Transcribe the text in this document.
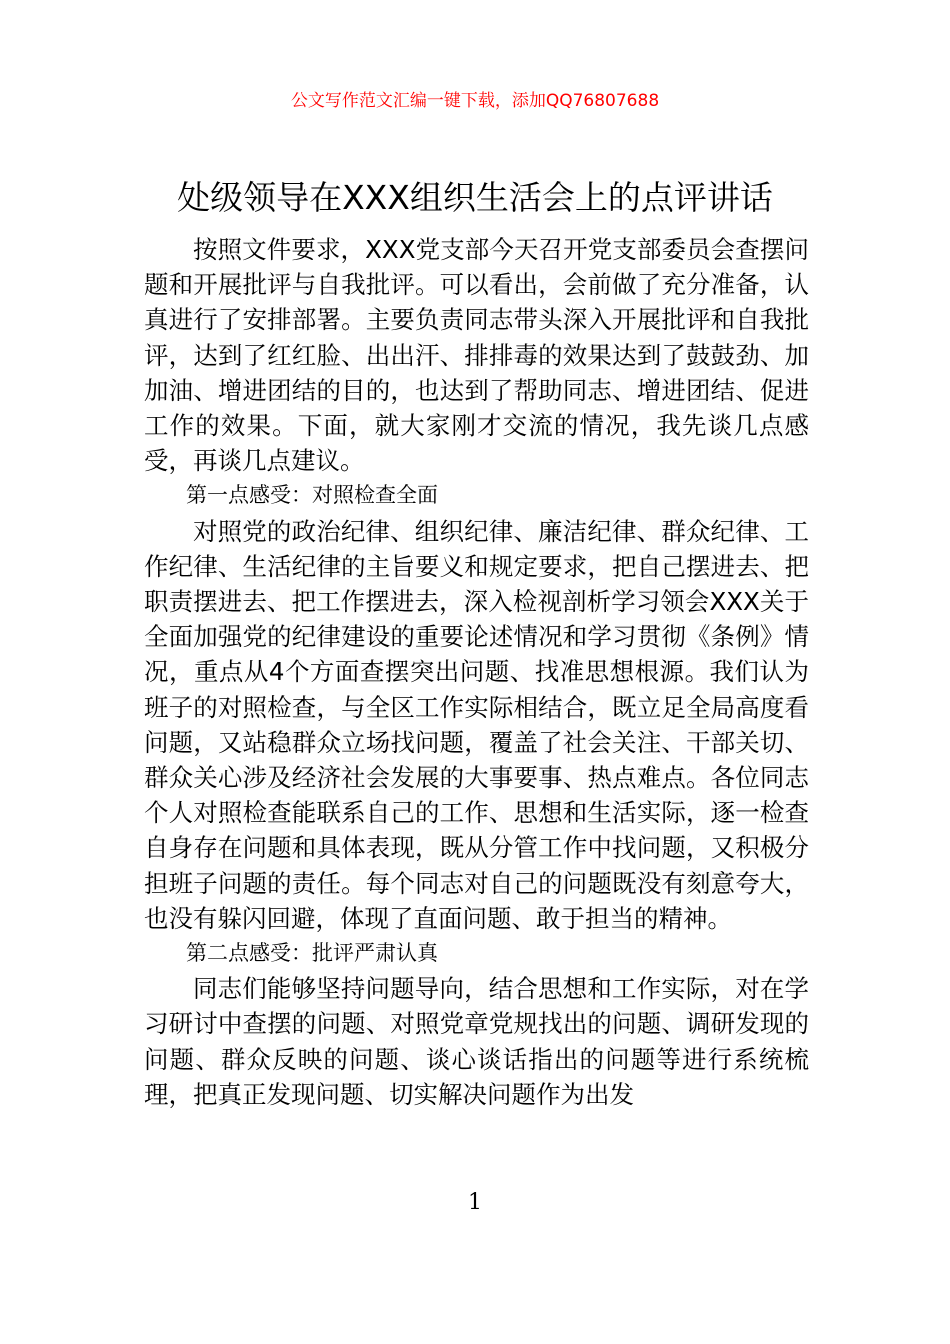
公文写作范文汇编一键下载，添加QQ76807688
处级领导在XXX组织生活会上的点评讲话

按照文件要求，XXX党支部今天召开党支部委员会查摆问题和开展批评与自我批评。可以看出，会前做了充分准备，认真进行了安排部署。主要负责同志带头深入开展批评和自我批评，达到了红红脸、出出汗、排排毒的效果达到了鼓鼓劲、加加油、增进团结的目的，也达到了帮助同志、增进团结、促进工作的效果。下面，就大家刚才交流的情况，我先谈几点感受，再谈几点建议。

第一点感受：对照检查全面

对照党的政治纪律、组织纪律、廉洁纪律、群众纪律、工作纪律、生活纪律的主旨要义和规定要求，把自己摆进去、把职责摆进去、把工作摆进去，深入检视剖析学习领会XXX关于全面加强党的纪律建设的重要论述情况和学习贯彻《条例》情况，重点从4个方面查摆突出问题、找准思想根源。我们认为班子的对照检查，与全区工作实际相结合，既立足全局高度看问题，又站稳群众立场找问题，覆盖了社会关注、干部关切、群众关心涉及经济社会发展的大事要事、热点难点。各位同志个人对照检查能联系自己的工作、思想和生活实际，逐一检查自身存在问题和具体表现，既从分管工作中找问题，又积极分担班子问题的责任。每个同志对自己的问题既没有刻意夸大，也没有躲闪回避，体现了直面问题、敢于担当的精神。

第二点感受：批评严肃认真

同志们能够坚持问题导向，结合思想和工作实际，对在学习研讨中查摆的问题、对照党章党规找出的问题、调研发现的问题、群众反映的问题、谈心谈话指出的问题等进行系统梳理，把真正发现问题、切实解决问题作为出发

1
